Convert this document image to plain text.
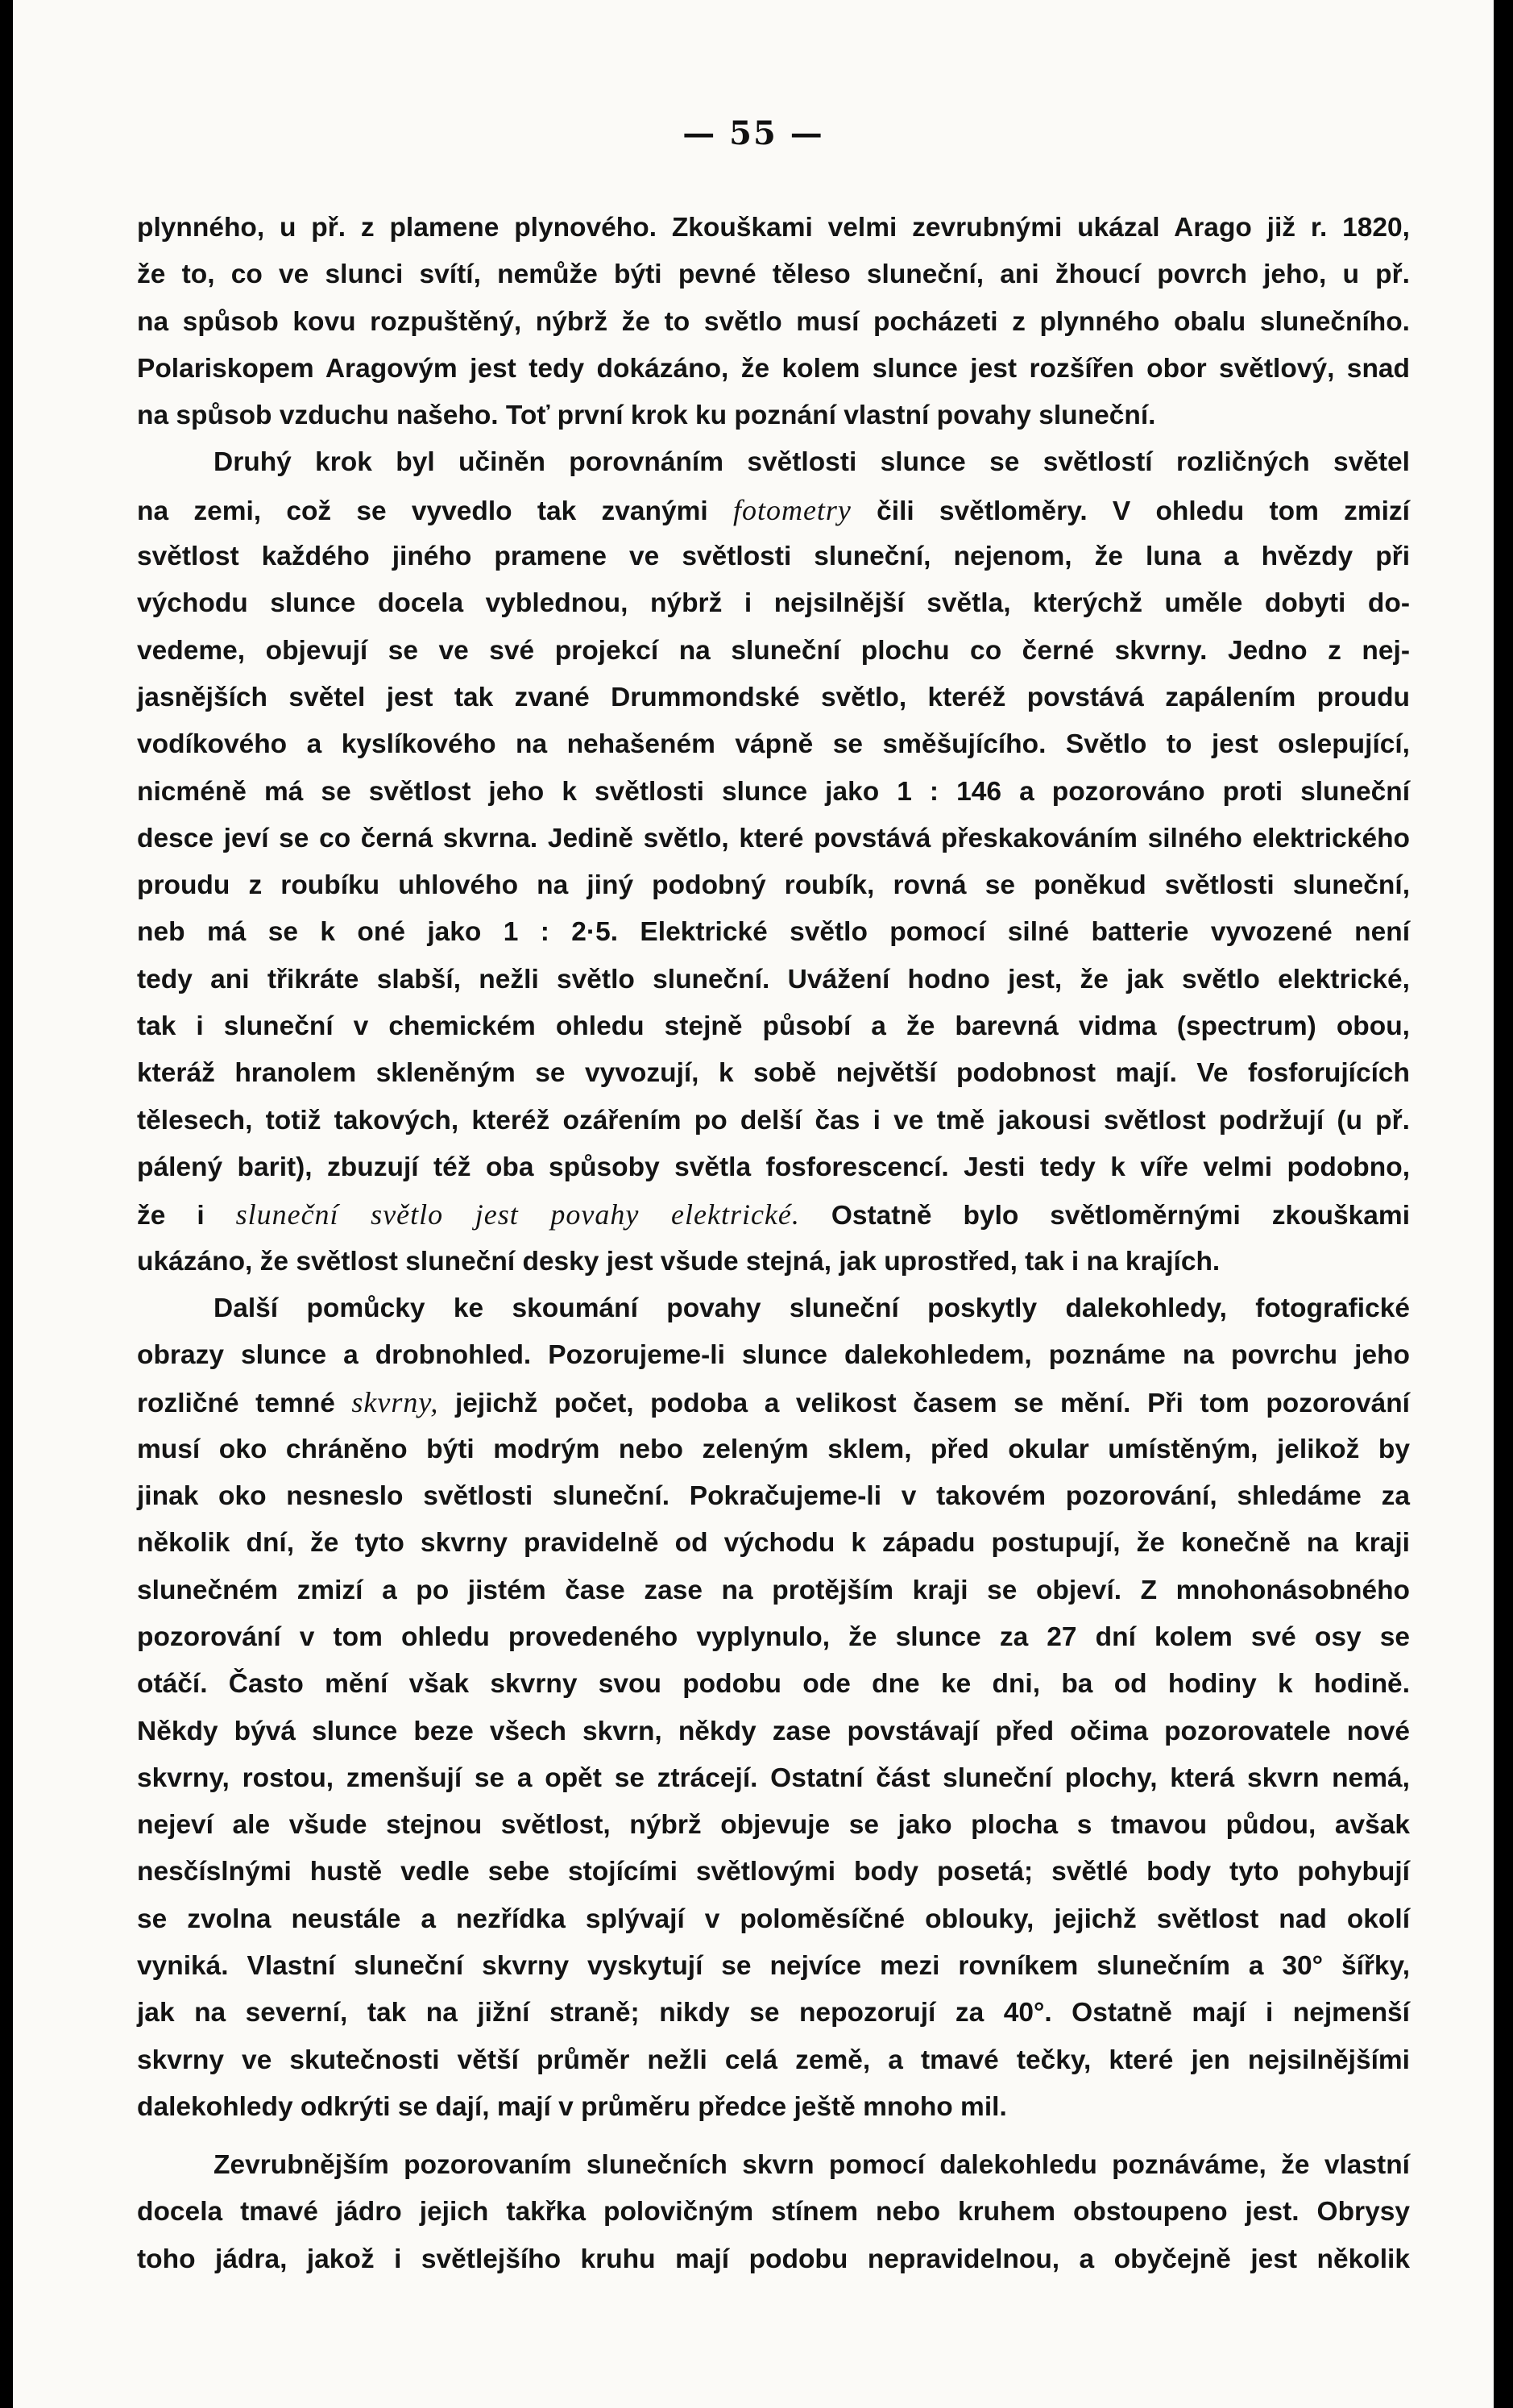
— 55 —
plynného, u př. z plamene plynového. Zkouškami velmi zevrubnými ukázal Arago již r. 1820,
že to, co ve slunci svítí, nemůže býti pevné těleso sluneční, ani žhoucí povrch jeho, u př.
na spůsob kovu rozpuštěný, nýbrž že to světlo musí pocházeti z plynného obalu slunečního.
Polariskopem Aragovým jest tedy dokázáno, že kolem slunce jest rozšířen obor světlový, snad
na spůsob vzduchu našeho. Toť první krok ku poznání vlastní povahy sluneční.
Druhý krok byl učiněn porovnáním světlosti slunce se světlostí rozličných světel
na zemi, což se vyvedlo tak zvanými fotometry čili světloměry. V ohledu tom zmizí
světlost každého jiného pramene ve světlosti sluneční, nejenom, že luna a hvězdy při
východu slunce docela vyblednou, nýbrž i nejsilnější světla, kterýchž uměle dobyti do-
vedeme, objevují se ve své projekcí na sluneční plochu co černé skvrny. Jedno z nej-
jasnějších světel jest tak zvané Drummondské světlo, kteréž povstává zapálením proudu
vodíkového a kyslíkového na nehašeném vápně se směšujícího. Světlo to jest oslepující,
nicméně má se světlost jeho k světlosti slunce jako 1 : 146 a pozorováno proti sluneční
desce jeví se co černá skvrna. Jedině světlo, které povstává přeskakováním silného elektrického
proudu z roubíku uhlového na jiný podobný roubík, rovná se poněkud světlosti sluneční,
neb má se k oné jako 1 : 2·5. Elektrické světlo pomocí silné batterie vyvozené není
tedy ani třikráte slabší, nežli světlo sluneční. Uvážení hodno jest, že jak světlo elektrické,
tak i sluneční v chemickém ohledu stejně působí a že barevná vidma (spectrum) obou,
kteráž hranolem skleněným se vyvozují, k sobě největší podobnost mají. Ve fosforujících
tělesech, totiž takových, kteréž ozářením po delší čas i ve tmě jakousi světlost podržují (u př.
pálený barit), zbuzují též oba spůsoby světla fosforescencí. Jesti tedy k víře velmi podobno,
že i sluneční světlo jest povahy elektrické. Ostatně bylo světloměrnými zkouškami
ukázáno, že světlost sluneční desky jest všude stejná, jak uprostřed, tak i na krajích.
Další pomůcky ke skoumání povahy sluneční poskytly dalekohledy, fotografické
obrazy slunce a drobnohled. Pozorujeme-li slunce dalekohledem, poznáme na povrchu jeho
rozličné temné skvrny, jejichž počet, podoba a velikost časem se mění. Při tom pozorování
musí oko chráněno býti modrým nebo zeleným sklem, před okular umístěným, jelikož by
jinak oko nesneslo světlosti sluneční. Pokračujeme-li v takovém pozorování, shledáme za
několik dní, že tyto skvrny pravidelně od východu k západu postupují, že konečně na kraji
slunečném zmizí a po jistém čase zase na protějším kraji se objeví. Z mnohonásobného
pozorování v tom ohledu provedeného vyplynulo, že slunce za 27 dní kolem své osy se
otáčí. Často mění však skvrny svou podobu ode dne ke dni, ba od hodiny k hodině.
Někdy bývá slunce beze všech skvrn, někdy zase povstávají před očima pozorovatele nové
skvrny, rostou, zmenšují se a opět se ztrácejí. Ostatní část sluneční plochy, která skvrn nemá,
nejeví ale všude stejnou světlost, nýbrž objevuje se jako plocha s tmavou půdou, avšak
nesčíslnými hustě vedle sebe stojícími světlovými body posetá; světlé body tyto pohybují
se zvolna neustále a nezřídka splývají v poloměsíčné oblouky, jejichž světlost nad okolí
vyniká. Vlastní sluneční skvrny vyskytují se nejvíce mezi rovníkem slunečním a 30° šířky,
jak na severní, tak na jižní straně; nikdy se nepozorují za 40°. Ostatně mají i nejmenší
skvrny ve skutečnosti větší průměr nežli celá země, a tmavé tečky, které jen nejsilnějšími
dalekohledy odkrýti se dají, mají v průměru předce ještě mnoho mil.
Zevrubnějším pozorovaním slunečních skvrn pomocí dalekohledu poznáváme, že vlastní
docela tmavé jádro jejich takřka polovičným stínem nebo kruhem obstoupeno jest. Obrysy
toho jádra, jakož i světlejšího kruhu mají podobu nepravidelnou, a obyčejně jest několik
